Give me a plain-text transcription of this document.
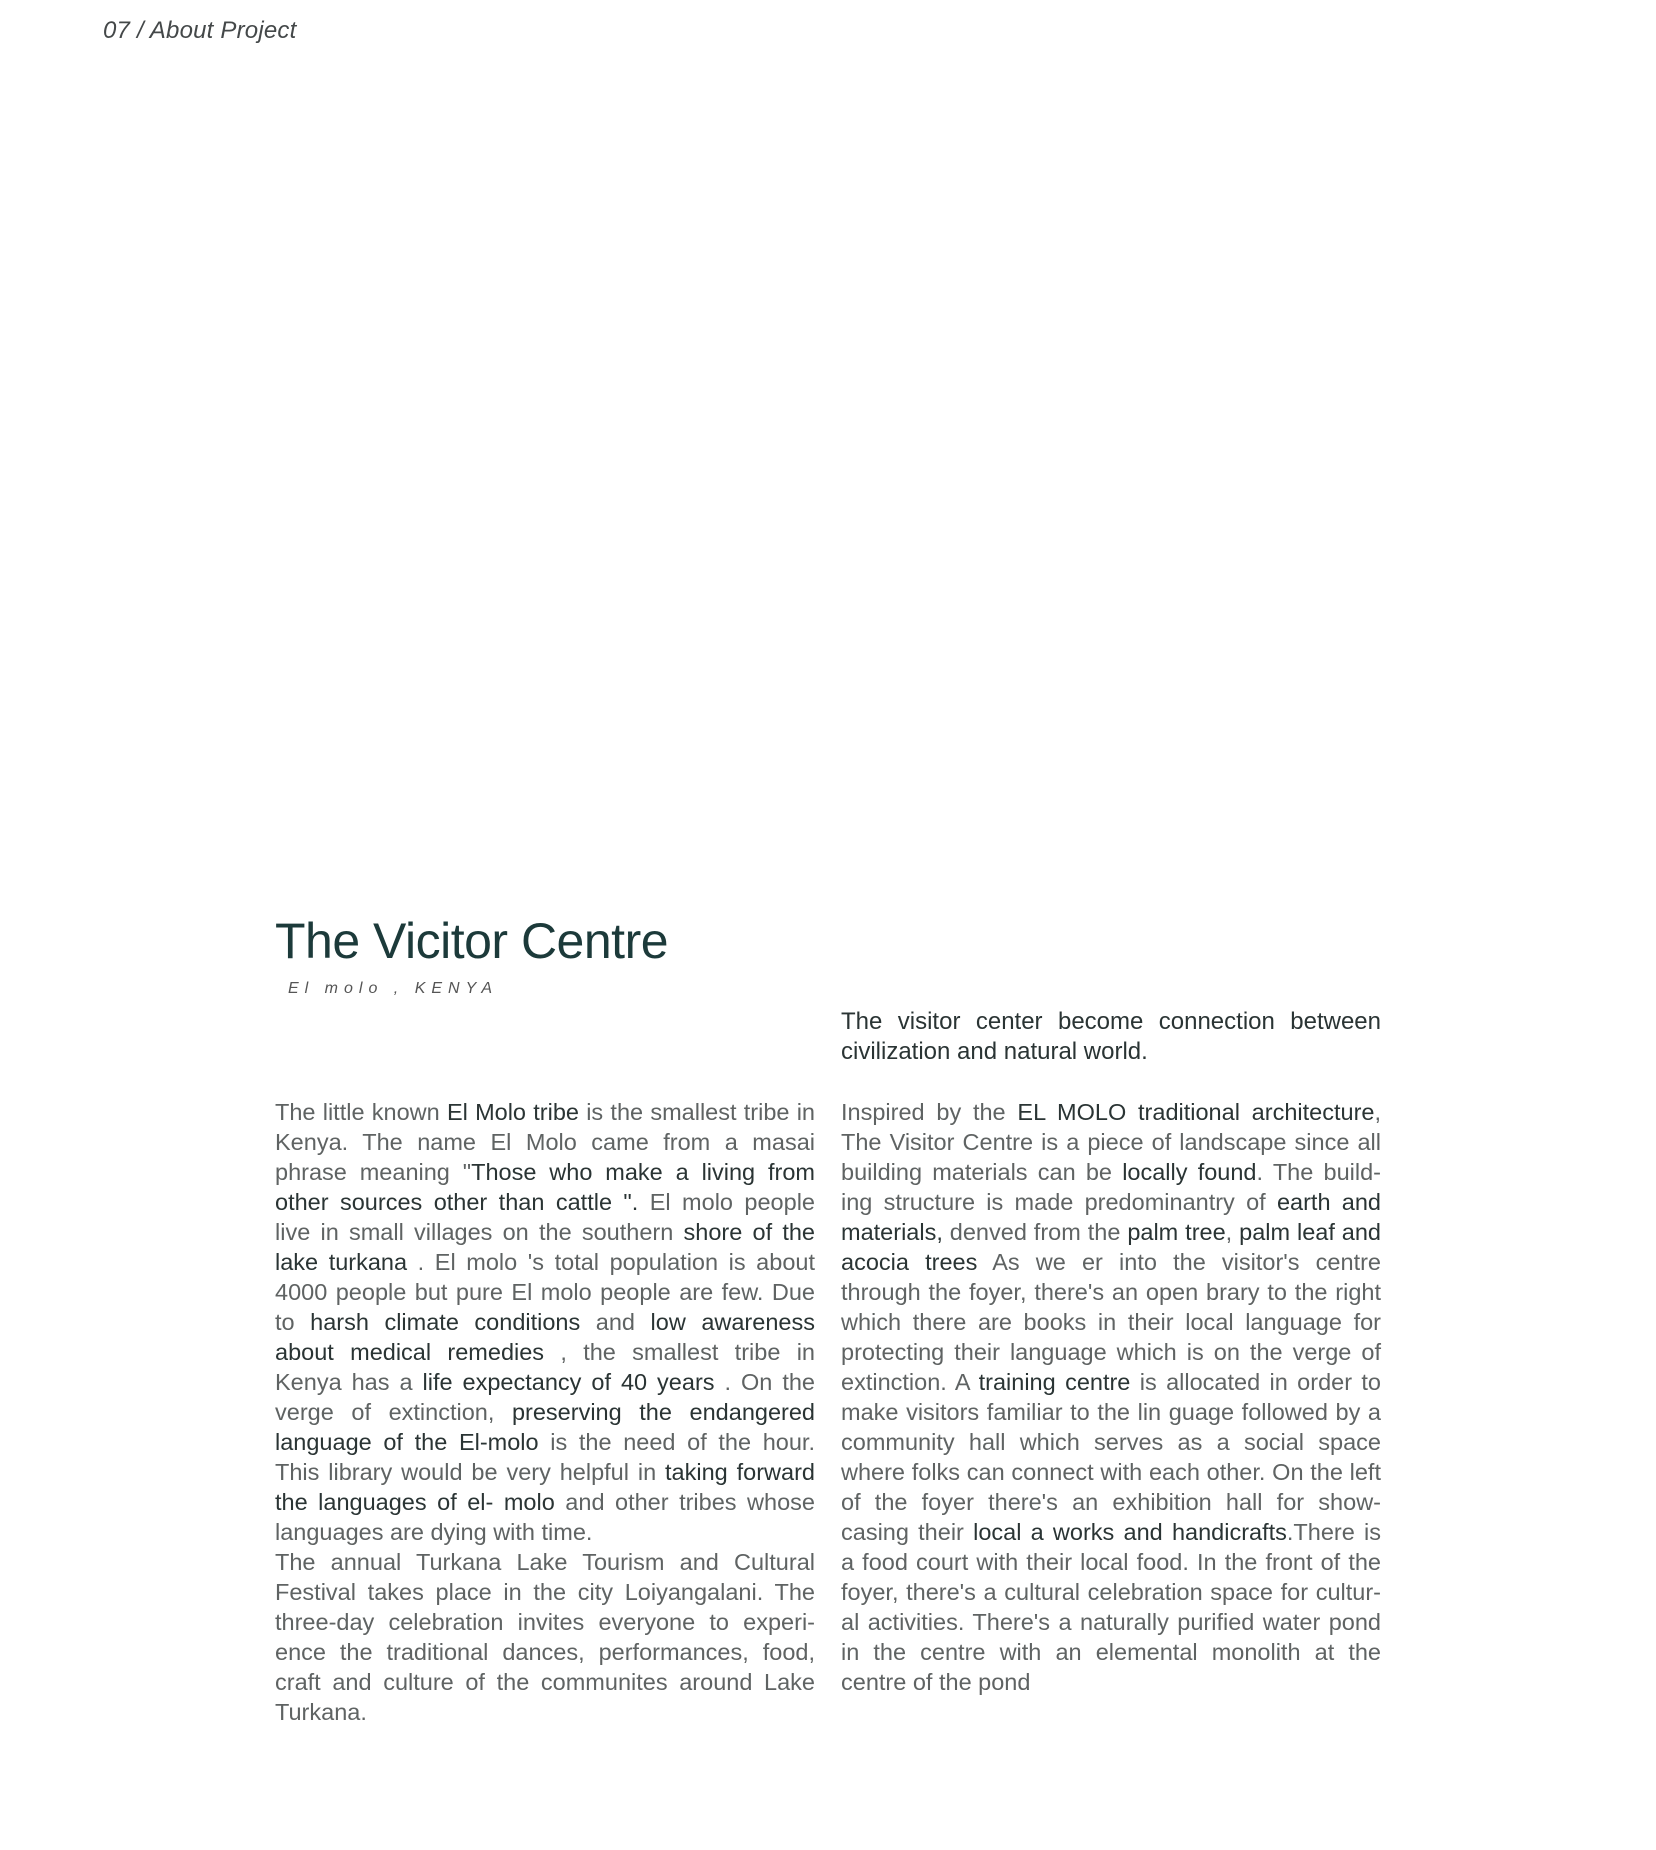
07 / About Project
The Vicitor Centre
El molo , KENYA
The visitor center become connection between civilization and natural world.

The little known El Molo tribe is the smallest tribe in Kenya. The name El Molo came from a masai phrase meaning "Those who make a living from other sources other than cattle ". El molo people live in small villages on the southern shore of the lake turkana . El molo 's total population is about 4000 people but pure El molo people are few. Due to harsh climate conditions and low awareness about medical remedies , the smallest tribe in Kenya has a life expectancy of 40 years . On the verge of extinction, preserving the endangered language of the El-molo is the need of the hour. This library would be very helpful in taking forward the languages of el- molo and other tribes whose languages are dying with time.

The annual Turkana Lake Tourism and Cultural Festival takes place in the city Loiyangalani. The three-day celebration invites everyone to experi-ence the traditional dances, performances, food, craft and culture of the communites around Lake Turkana.

Inspired by the EL MOLO traditional architecture, The Visitor Centre is a piece of landscape since all building materials can be locally found. The build-ing structure is made predominantry of earth and materials, denved from the palm tree, palm leaf and acocia trees As we er into the visitor's centre through the foyer, there's an open brary to the right which there are books in their local language for protecting their language which is on the verge of extinction. A training centre is allocated in order to make visitors familiar to the lin guage followed by a community hall which serves as a social space where folks can connect with each other. On the left of the foyer there's an exhibition hall for show-casing their local a works and handicrafts.There is a food court with their local food. In the front of the foyer, there's a cultural celebration space for cultur-al activities. There's a naturally purified water pond in the centre with an elemental monolith at the centre of the pond
